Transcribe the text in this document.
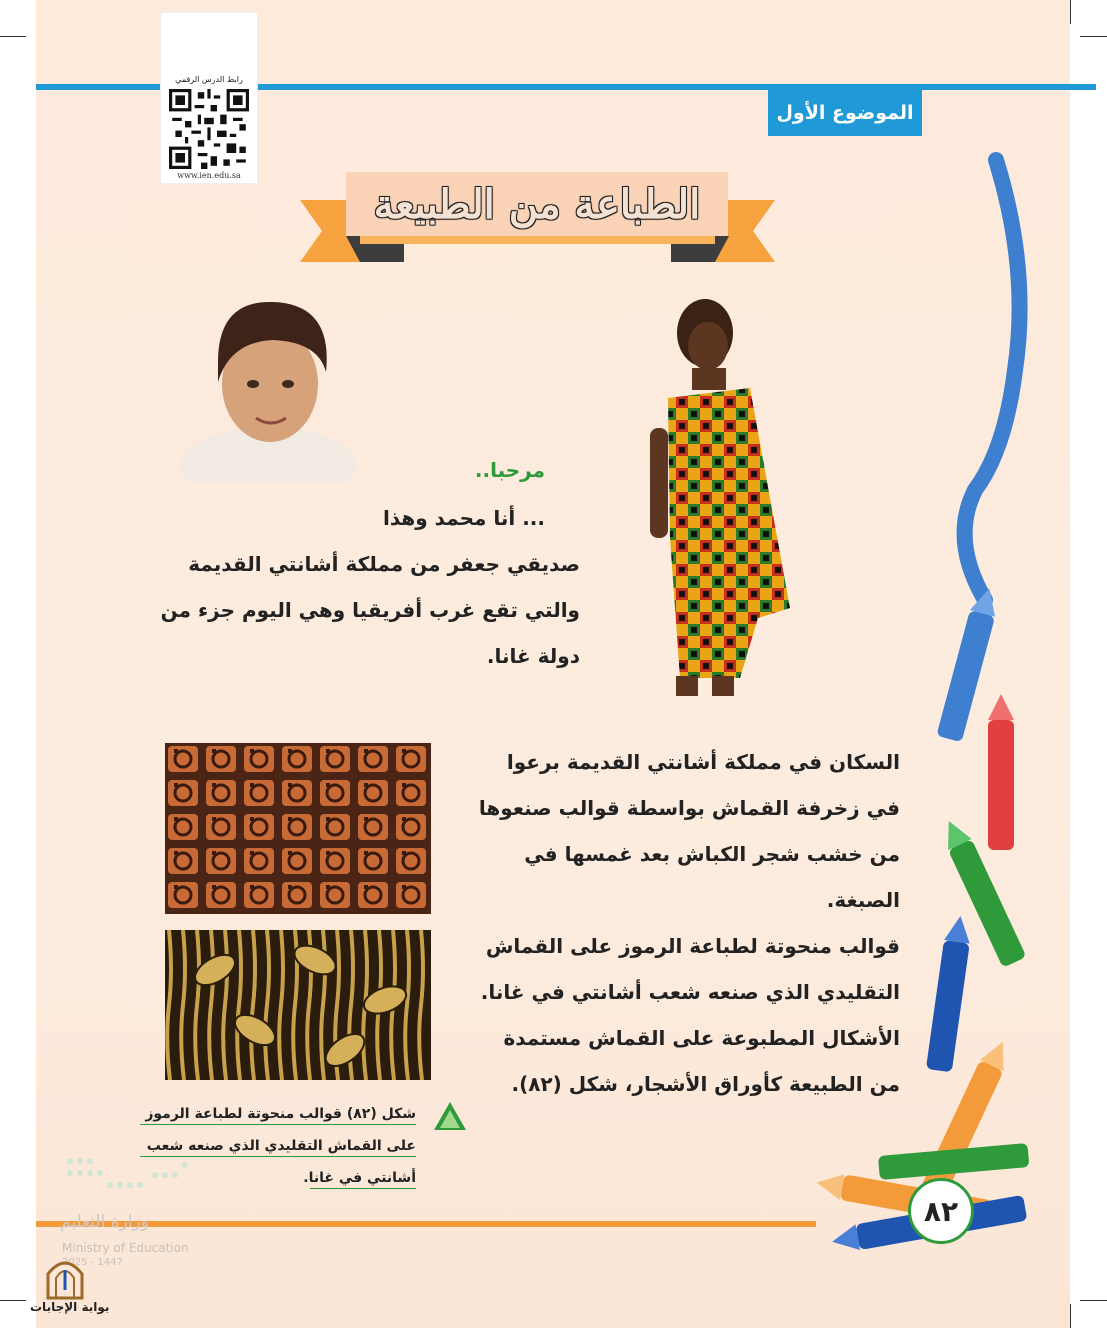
الموضوع الأول
رابط الدرس الرقمي
www.ien.edu.sa
الطباعة من الطبيعة
مرحبا..
... أنا محمد وهذا
صديقي جعفر من مملكة أشانتي القديمة
والتي تقع غرب أفريقيا وهي اليوم جزء من
دولة غانا.
السكان في مملكة أشانتي القديمة برعوا
في زخرفة القماش بواسطة قوالب صنعوها
من خشب شجر الكباش بعد غمسها في
الصبغة.
قوالب منحوتة لطباعة الرموز على القماش
التقليدي الذي صنعه شعب أشانتي في غانا.
الأشكال المطبوعة على القماش مستمدة
من الطبيعة كأوراق الأشجار، شكل (٨٢).
شكل (٨٢) قوالب منحوتة لطباعة الرموز
على القماش التقليدي الذي صنعه شعب
أشانتي في غانا.
٨٢
وزارة التعليم
Ministry of Education
2025 - 1447
بوابة الإجابات
